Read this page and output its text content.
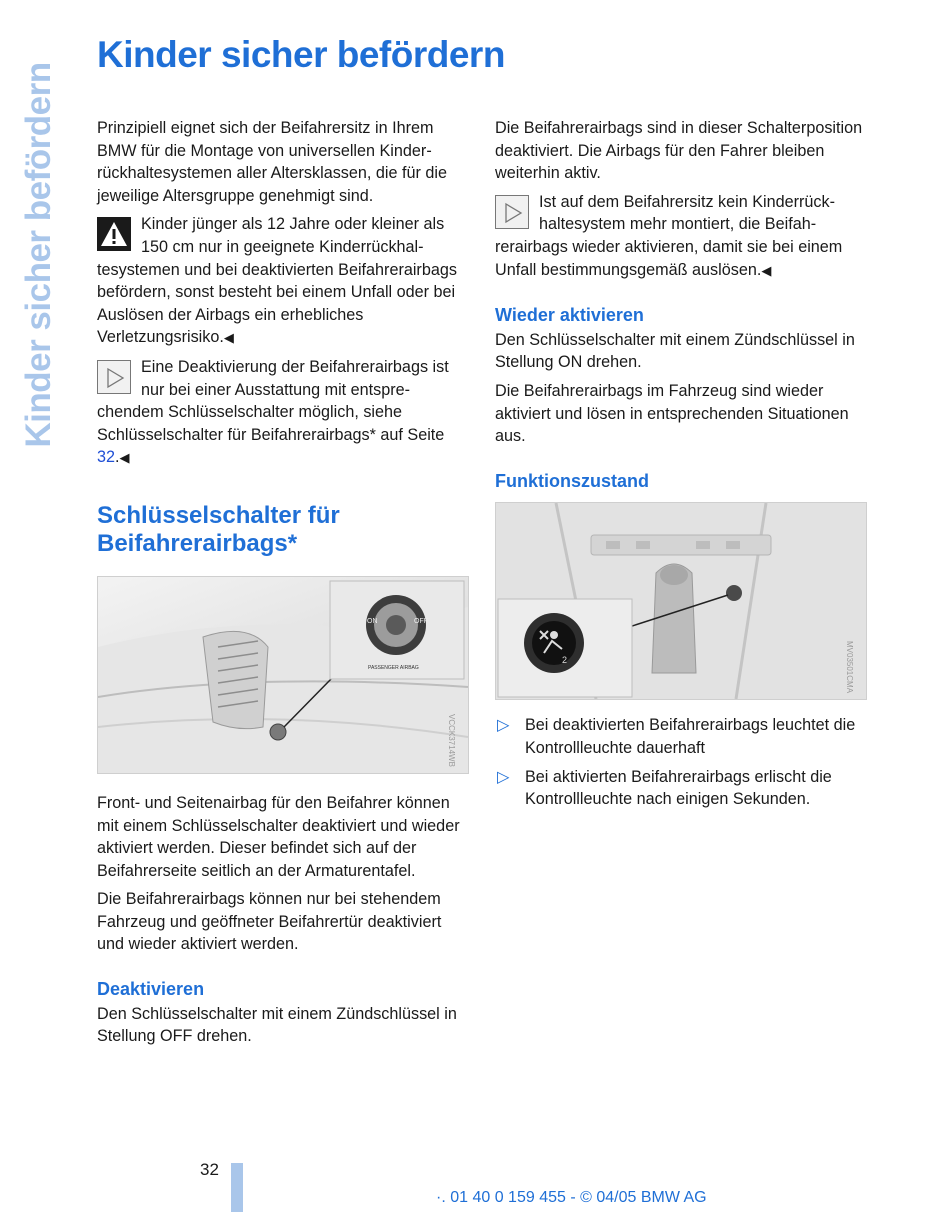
Kinder sicher befördern
Kinder sicher befördern

Prinzipiell eignet sich der Beifahrersitz in Ihrem BMW für die Montage von universellen Kinderrückhaltesystemen aller Altersklassen, die für die jeweilige Altersgruppe genehmigt sind.

Kinder jünger als 12 Jahre oder kleiner als 150 cm nur in geeignete Kinderrückhaltesystemen und bei deaktivierten Beifahrerairbags befördern, sonst besteht bei einem Unfall oder bei Auslösen der Airbags ein erhebliches Verletzungsrisiko.◀
Eine Deaktivierung der Beifahrerairbags ist nur bei einer Ausstattung mit entsprechendem Schlüsselschalter möglich, siehe Schlüsselschalter für Beifahrerairbags* auf Seite 32.◀
Schlüsselschalter für
Beifahrerairbags*
ON	OFF
PASSENGER AIRBAG
VCCK3714WB

Front- und Seitenairbag für den Beifahrer können mit einem Schlüsselschalter deaktiviert und wieder aktiviert werden. Dieser befindet sich auf der Beifahrerseite seitlich an der Armaturentafel.

Die Beifahrerairbags können nur bei stehendem Fahrzeug und geöffneter Beifahrertür deaktiviert und wieder aktiviert werden.

Deaktivieren

Den Schlüsselschalter mit einem Zündschlüssel in Stellung OFF drehen.

Die Beifahrerairbags sind in dieser Schalterposition deaktiviert. Die Airbags für den Fahrer bleiben weiterhin aktiv.

Ist auf dem Beifahrersitz kein Kinderrückhaltesystem mehr montiert, die Beifahrerairbags wieder aktivieren, damit sie bei einem Unfall bestimmungsgemäß auslösen.◀
Wieder aktivieren

Den Schlüsselschalter mit einem Zündschlüssel in Stellung ON drehen.

Die Beifahrerairbags im Fahrzeug sind wieder aktiviert und lösen in entsprechenden Situationen aus.

Funktionszustand
2	MV03501CMA
▷ Bei deaktivierten Beifahrerairbags leuchtet die Kontrollleuchte dauerhaft
▷ Bei aktivierten Beifahrerairbags erlischt die Kontrollleuchte nach einigen Sekunden.
32
·. 01 40 0 159 455 - © 04/05 BMW AG
